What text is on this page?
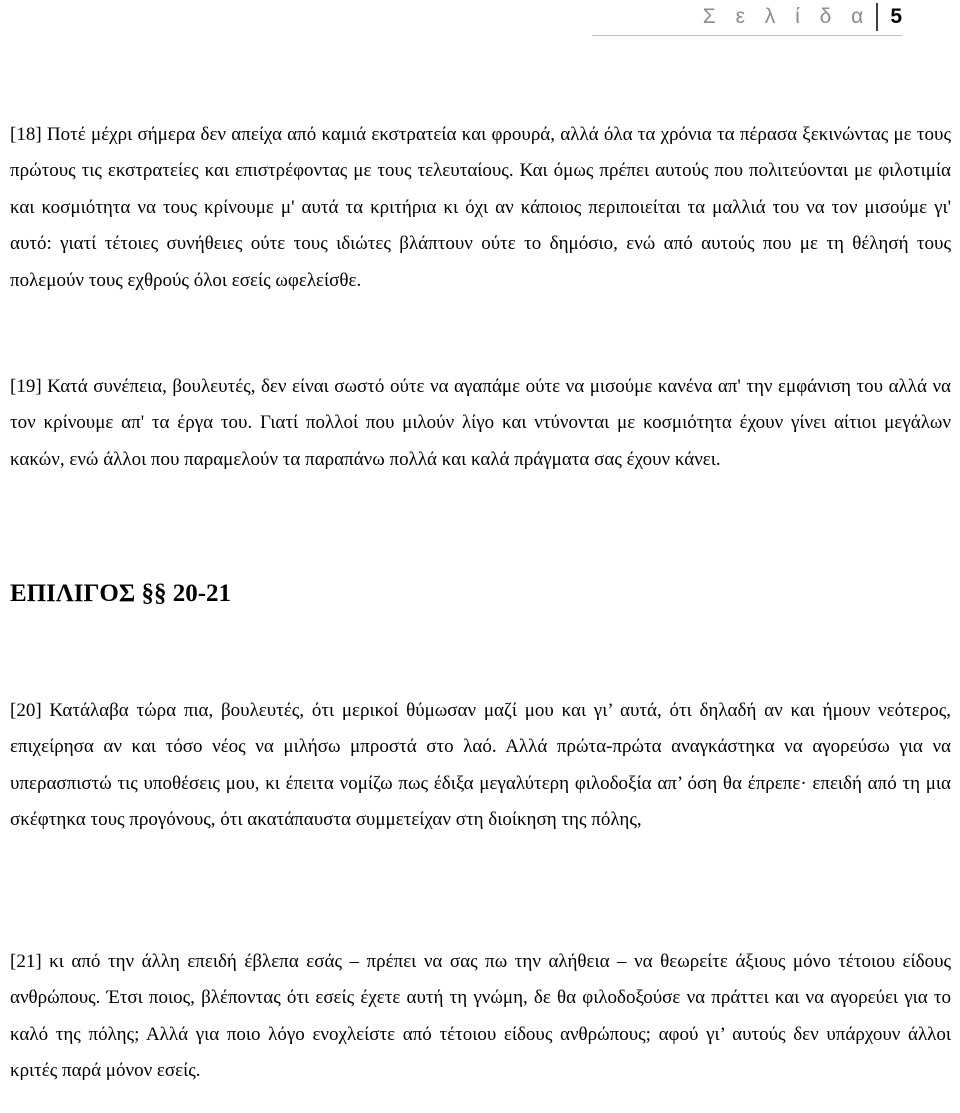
Σ ε λ ί δ α 5

[18] Ποτέ μέχρι σήμερα δεν απείχα από καμιά εκστρατεία και φρουρά, αλλά όλα τα χρόνια τα πέρασα ξεκινώντας με τους πρώτους τις εκστρατείες και επιστρέφοντας με τους τελευταίους. Και όμως πρέπει αυτούς που πολιτεύονται με φιλοτιμία και κοσμιότητα να τους κρίνουμε μ' αυτά τα κριτήρια κι όχι αν κάποιος περιποιείται τα μαλλιά του να τον μισούμε γι' αυτό: γιατί τέτοιες συνήθειες ούτε τους ιδιώτες βλάπτουν ούτε το δημόσιο, ενώ από αυτούς που με τη θέλησή τους πολεμούν τους εχθρούς όλοι εσείς ωφελείσθε.

[19] Κατά συνέπεια, βουλευτές, δεν είναι σωστό ούτε να αγαπάμε ούτε να μισούμε κανένα απ' την εμφάνιση του αλλά να τον κρίνουμε απ' τα έργα του. Γιατί πολλοί που μιλούν λίγο και ντύνονται με κοσμιότητα έχουν γίνει αίτιοι μεγάλων κακών, ενώ άλλοι που παραμελούν τα παραπάνω πολλά και καλά πράγματα σας έχουν κάνει.

ΕΠΙΛΙΓΟΣ §§ 20-21

[20] Κατάλαβα τώρα πια, βουλευτές, ότι μερικοί θύμωσαν μαζί μου και γι’ αυτά, ότι δηλαδή αν και ήμουν νεότερος, επιχείρησα αν και τόσο νέος να μιλήσω μπροστά στο λαό. Αλλά πρώτα-πρώτα αναγκάστηκα να αγορεύσω για να υπερασπιστώ τις υποθέσεις μου, κι έπειτα νομίζω πως έδιξα μεγαλύτερη φιλοδοξία απ’ όση θα έπρεπε· επειδή από τη μια σκέφτηκα τους προγόνους, ότι ακατάπαυστα συμμετείχαν στη διοίκηση της πόλης,

[21] κι από την άλλη επειδή έβλεπα εσάς – πρέπει να σας πω την αλήθεια – να θεωρείτε άξιους μόνο τέτοιου είδους ανθρώπους. Έτσι ποιος, βλέποντας ότι εσείς έχετε αυτή τη γνώμη, δε θα φιλοδοξούσε να πράττει και να αγορεύει για το καλό της πόλης; Αλλά για ποιο λόγο ενοχλείστε από τέτοιου είδους ανθρώπους; αφού γι’ αυτούς δεν υπάρχουν άλλοι κριτές παρά μόνον εσείς.
